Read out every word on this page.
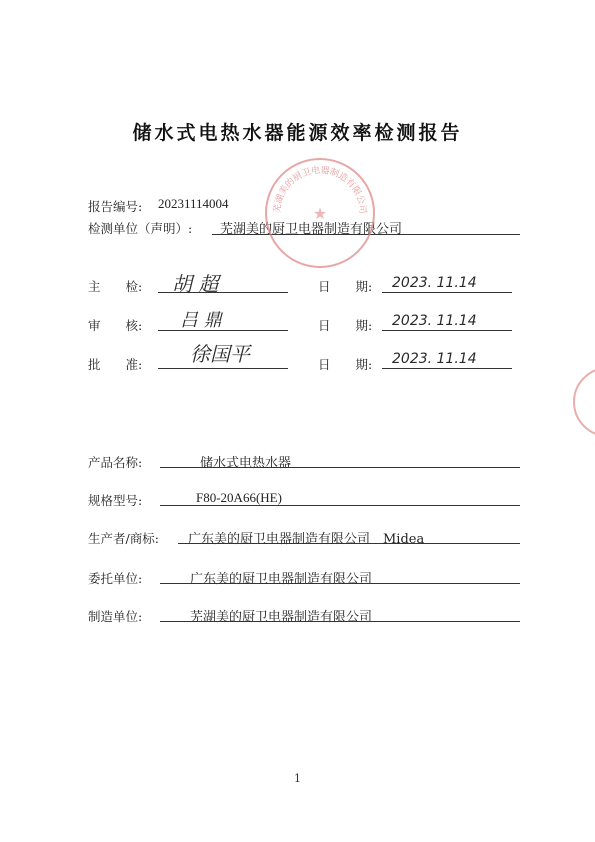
储水式电热水器能源效率检测报告
报告编号: 20231114004
检测单位（声明）: 芜湖美的厨卫电器制造有限公司
芜湖美的厨卫电器制造有限公司
★
主　　检: 胡 超	日　　期: 2023. 11.14
审　　核: 吕 鼎	日　　期: 2023. 11.14
批　　准: 徐国平	日　　期: 2023. 11.14
产品名称:	储水式电热水器
规格型号:	F80-20A66(HE)
生产者/商标: 广东美的厨卫电器制造有限公司　Midea
委托单位:	广东美的厨卫电器制造有限公司
制造单位:	芜湖美的厨卫电器制造有限公司
1
